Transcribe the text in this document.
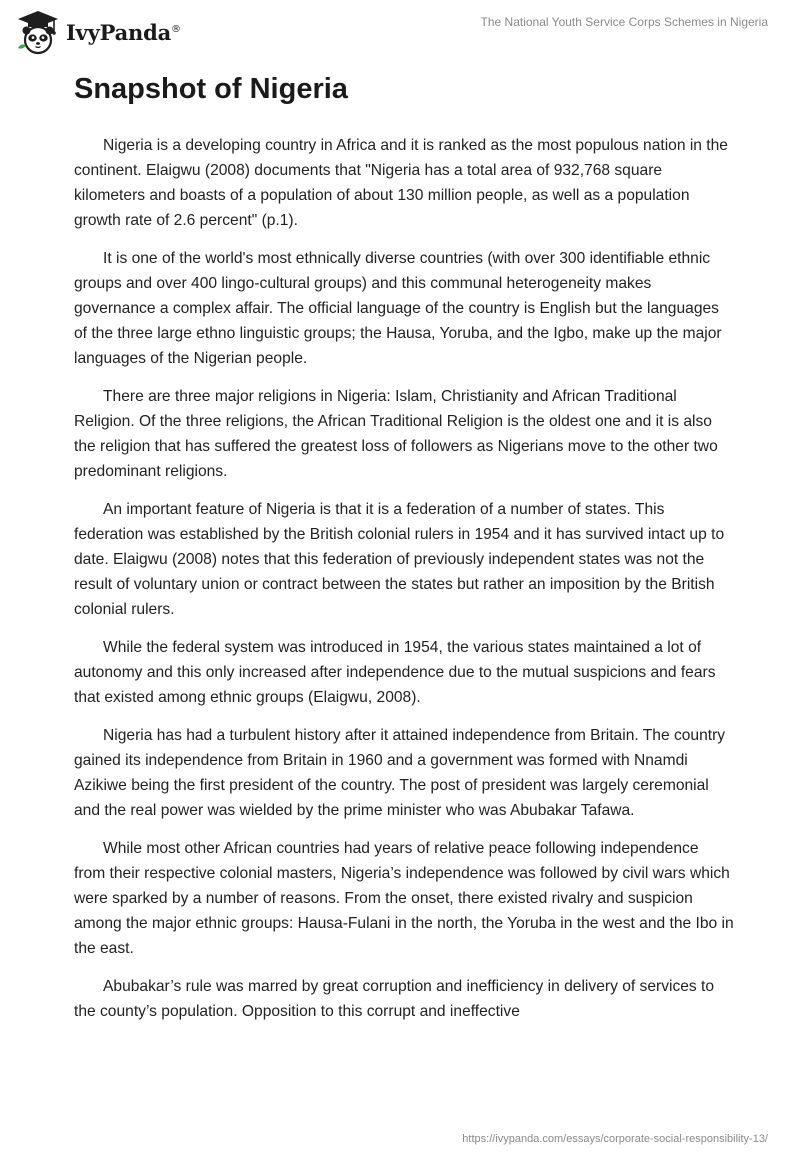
IvyPanda®	The National Youth Service Corps Schemes in Nigeria
Snapshot of Nigeria

Nigeria is a developing country in Africa and it is ranked as the most populous nation in the continent. Elaigwu (2008) documents that "Nigeria has a total area of 932,768 square kilometers and boasts of a population of about 130 million people, as well as a population growth rate of 2.6 percent" (p.1).

It is one of the world's most ethnically diverse countries (with over 300 identifiable ethnic groups and over 400 lingo-cultural groups) and this communal heterogeneity makes governance a complex affair. The official language of the country is English but the languages of the three large ethno linguistic groups; the Hausa, Yoruba, and the Igbo, make up the major languages of the Nigerian people.

There are three major religions in Nigeria: Islam, Christianity and African Traditional Religion. Of the three religions, the African Traditional Religion is the oldest one and it is also the religion that has suffered the greatest loss of followers as Nigerians move to the other two predominant religions.

An important feature of Nigeria is that it is a federation of a number of states. This federation was established by the British colonial rulers in 1954 and it has survived intact up to date. Elaigwu (2008) notes that this federation of previously independent states was not the result of voluntary union or contract between the states but rather an imposition by the British colonial rulers.

While the federal system was introduced in 1954, the various states maintained a lot of autonomy and this only increased after independence due to the mutual suspicions and fears that existed among ethnic groups (Elaigwu, 2008).

Nigeria has had a turbulent history after it attained independence from Britain. The country gained its independence from Britain in 1960 and a government was formed with Nnamdi Azikiwe being the first president of the country. The post of president was largely ceremonial and the real power was wielded by the prime minister who was Abubakar Tafawa.

While most other African countries had years of relative peace following independence from their respective colonial masters, Nigeria’s independence was followed by civil wars which were sparked by a number of reasons. From the onset, there existed rivalry and suspicion among the major ethnic groups: Hausa-Fulani in the north, the Yoruba in the west and the Ibo in the east.

Abubakar’s rule was marred by great corruption and inefficiency in delivery of services to the county’s population. Opposition to this corrupt and ineffective

https://ivypanda.com/essays/corporate-social-responsibility-13/
